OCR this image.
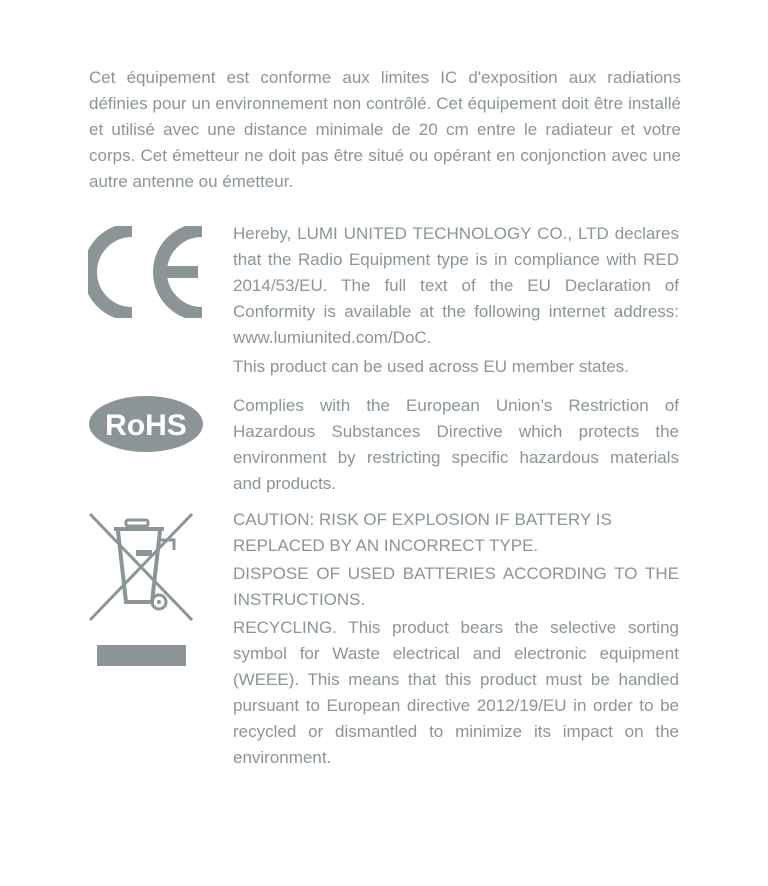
Cet équipement est conforme aux limites IC d'exposition aux radiations définies pour un environnement non contrôlé. Cet équipement doit être installé et utilisé avec une distance minimale de 20 cm entre le radiateur et votre corps. Cet émetteur ne doit pas être situé ou opérant en conjonction avec une autre antenne ou émetteur.

Hereby, LUMI UNITED TECHNOLOGY CO., LTD declares that the Radio Equipment type is in compliance with RED 2014/53/EU. The full text of the EU Declaration of Conformity is available at the following internet address: www.lumiunited.com/DoC.

This product can be used across EU member states.

RoHS

Complies with the European Union’s Restriction of Hazardous Substances Directive which protects the environment by restricting specific hazardous materials and products.

CAUTION: RISK OF EXPLOSION IF BATTERY IS REPLACED BY AN INCORRECT TYPE.

DISPOSE OF USED BATTERIES ACCORDING TO THE INSTRUCTIONS.

RECYCLING. This product bears the selective sorting symbol for Waste electrical and electronic equipment (WEEE). This means that this product must be handled pursuant to European directive 2012/19/EU in order to be recycled or dismantled to minimize its impact on the environment.
